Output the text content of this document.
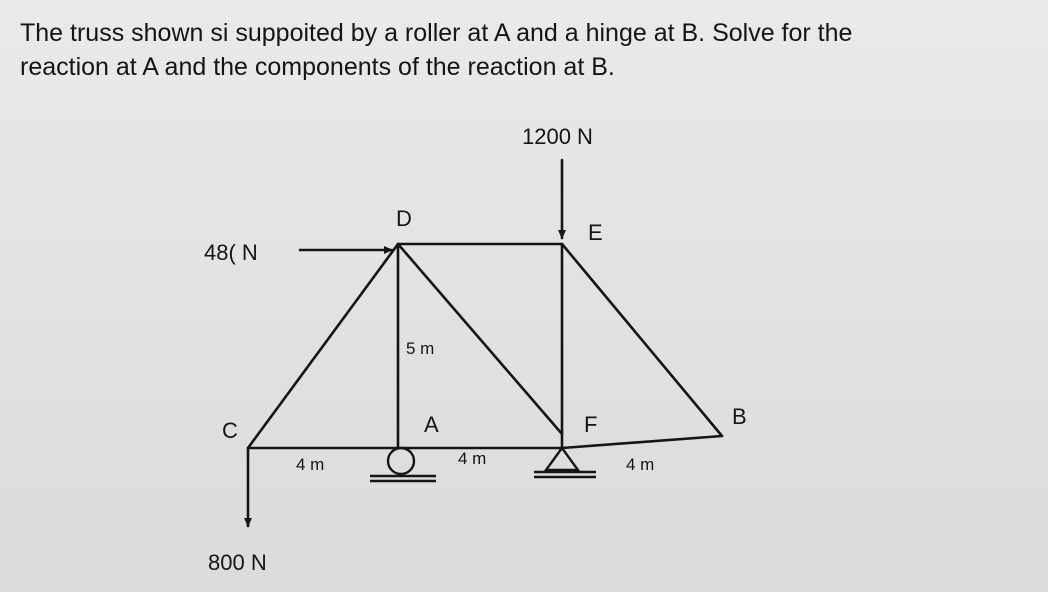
The truss shown si suppoited by a roller at A and a hinge at B. Solve for the
reaction at A and the components of the reaction at B.

1200 N
48( N
800 N
D
E
C	A	F	B
5 m
4 m	4 m	4 m
